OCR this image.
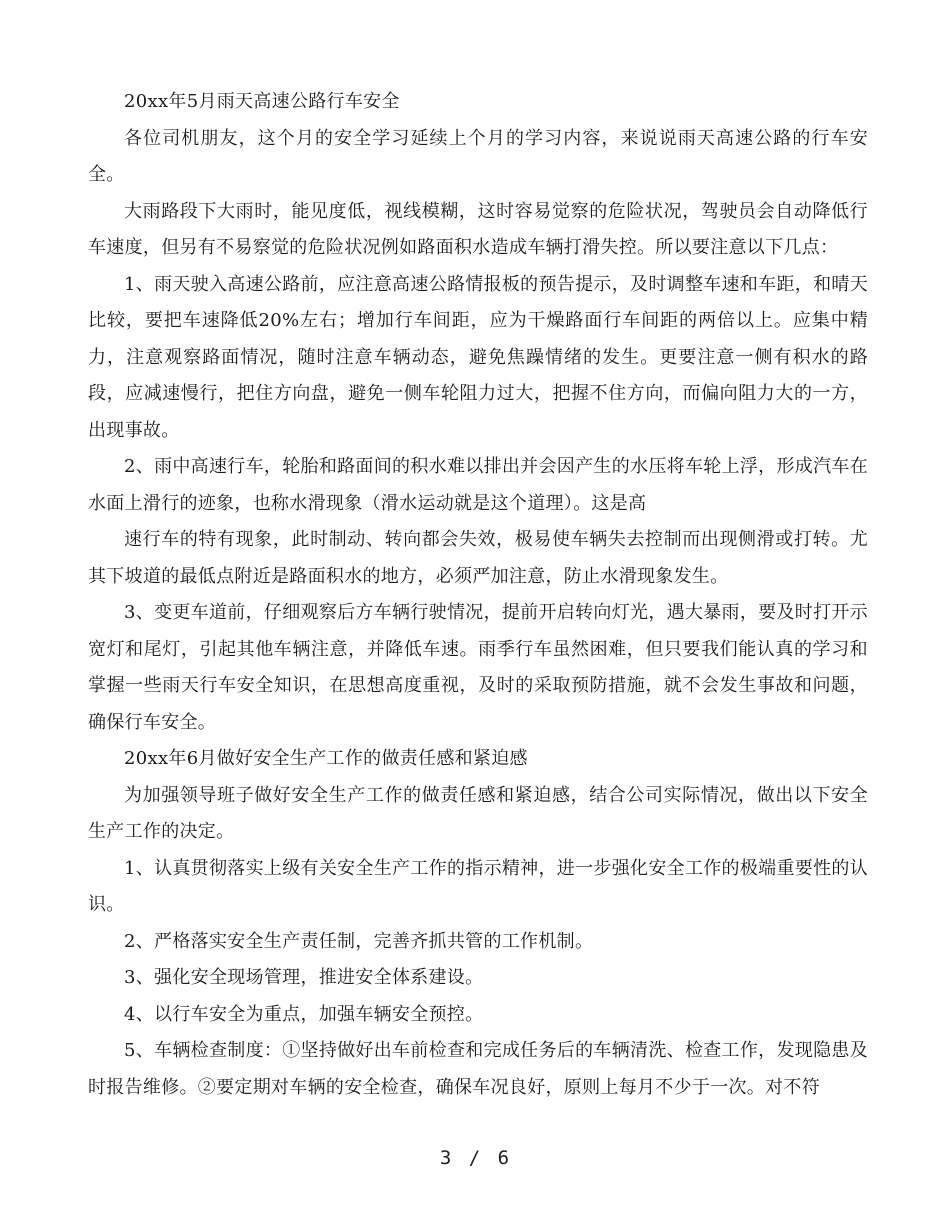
20xx年5月雨天高速公路行车安全

各位司机朋友，这个月的安全学习延续上个月的学习内容，来说说雨天高速公路的行车安全。

大雨路段下大雨时，能见度低，视线模糊，这时容易觉察的危险状况，驾驶员会自动降低行车速度，但另有不易察觉的危险状况例如路面积水造成车辆打滑失控。所以要注意以下几点：

1、雨天驶入高速公路前，应注意高速公路情报板的预告提示，及时调整车速和车距，和晴天比较，要把车速降低20%左右；增加行车间距，应为干燥路面行车间距的两倍以上。应集中精力，注意观察路面情况，随时注意车辆动态，避免焦躁情绪的发生。更要注意一侧有积水的路段，应减速慢行，把住方向盘，避免一侧车轮阻力过大，把握不住方向，而偏向阻力大的一方，出现事故。

2、雨中高速行车，轮胎和路面间的积水难以排出并会因产生的水压将车轮上浮，形成汽车在水面上滑行的迹象，也称水滑现象（滑水运动就是这个道理）。这是高

速行车的特有现象，此时制动、转向都会失效，极易使车辆失去控制而出现侧滑或打转。尤其下坡道的最低点附近是路面积水的地方，必须严加注意，防止水滑现象发生。

3、变更车道前，仔细观察后方车辆行驶情况，提前开启转向灯光，遇大暴雨，要及时打开示宽灯和尾灯，引起其他车辆注意，并降低车速。雨季行车虽然困难，但只要我们能认真的学习和掌握一些雨天行车安全知识，在思想高度重视，及时的采取预防措施，就不会发生事故和问题，确保行车安全。

20xx年6月做好安全生产工作的做责任感和紧迫感

为加强领导班子做好安全生产工作的做责任感和紧迫感，结合公司实际情况，做出以下安全生产工作的决定。

1、认真贯彻落实上级有关安全生产工作的指示精神，进一步强化安全工作的极端重要性的认识。

2、严格落实安全生产责任制，完善齐抓共管的工作机制。

3、强化安全现场管理，推进安全体系建设。

4、以行车安全为重点，加强车辆安全预控。

5、车辆检查制度：①坚持做好出车前检查和完成任务后的车辆清洗、检查工作，发现隐患及时报告维修。②要定期对车辆的安全检查，确保车况良好，原则上每月不少于一次。对不符

3 / 6
